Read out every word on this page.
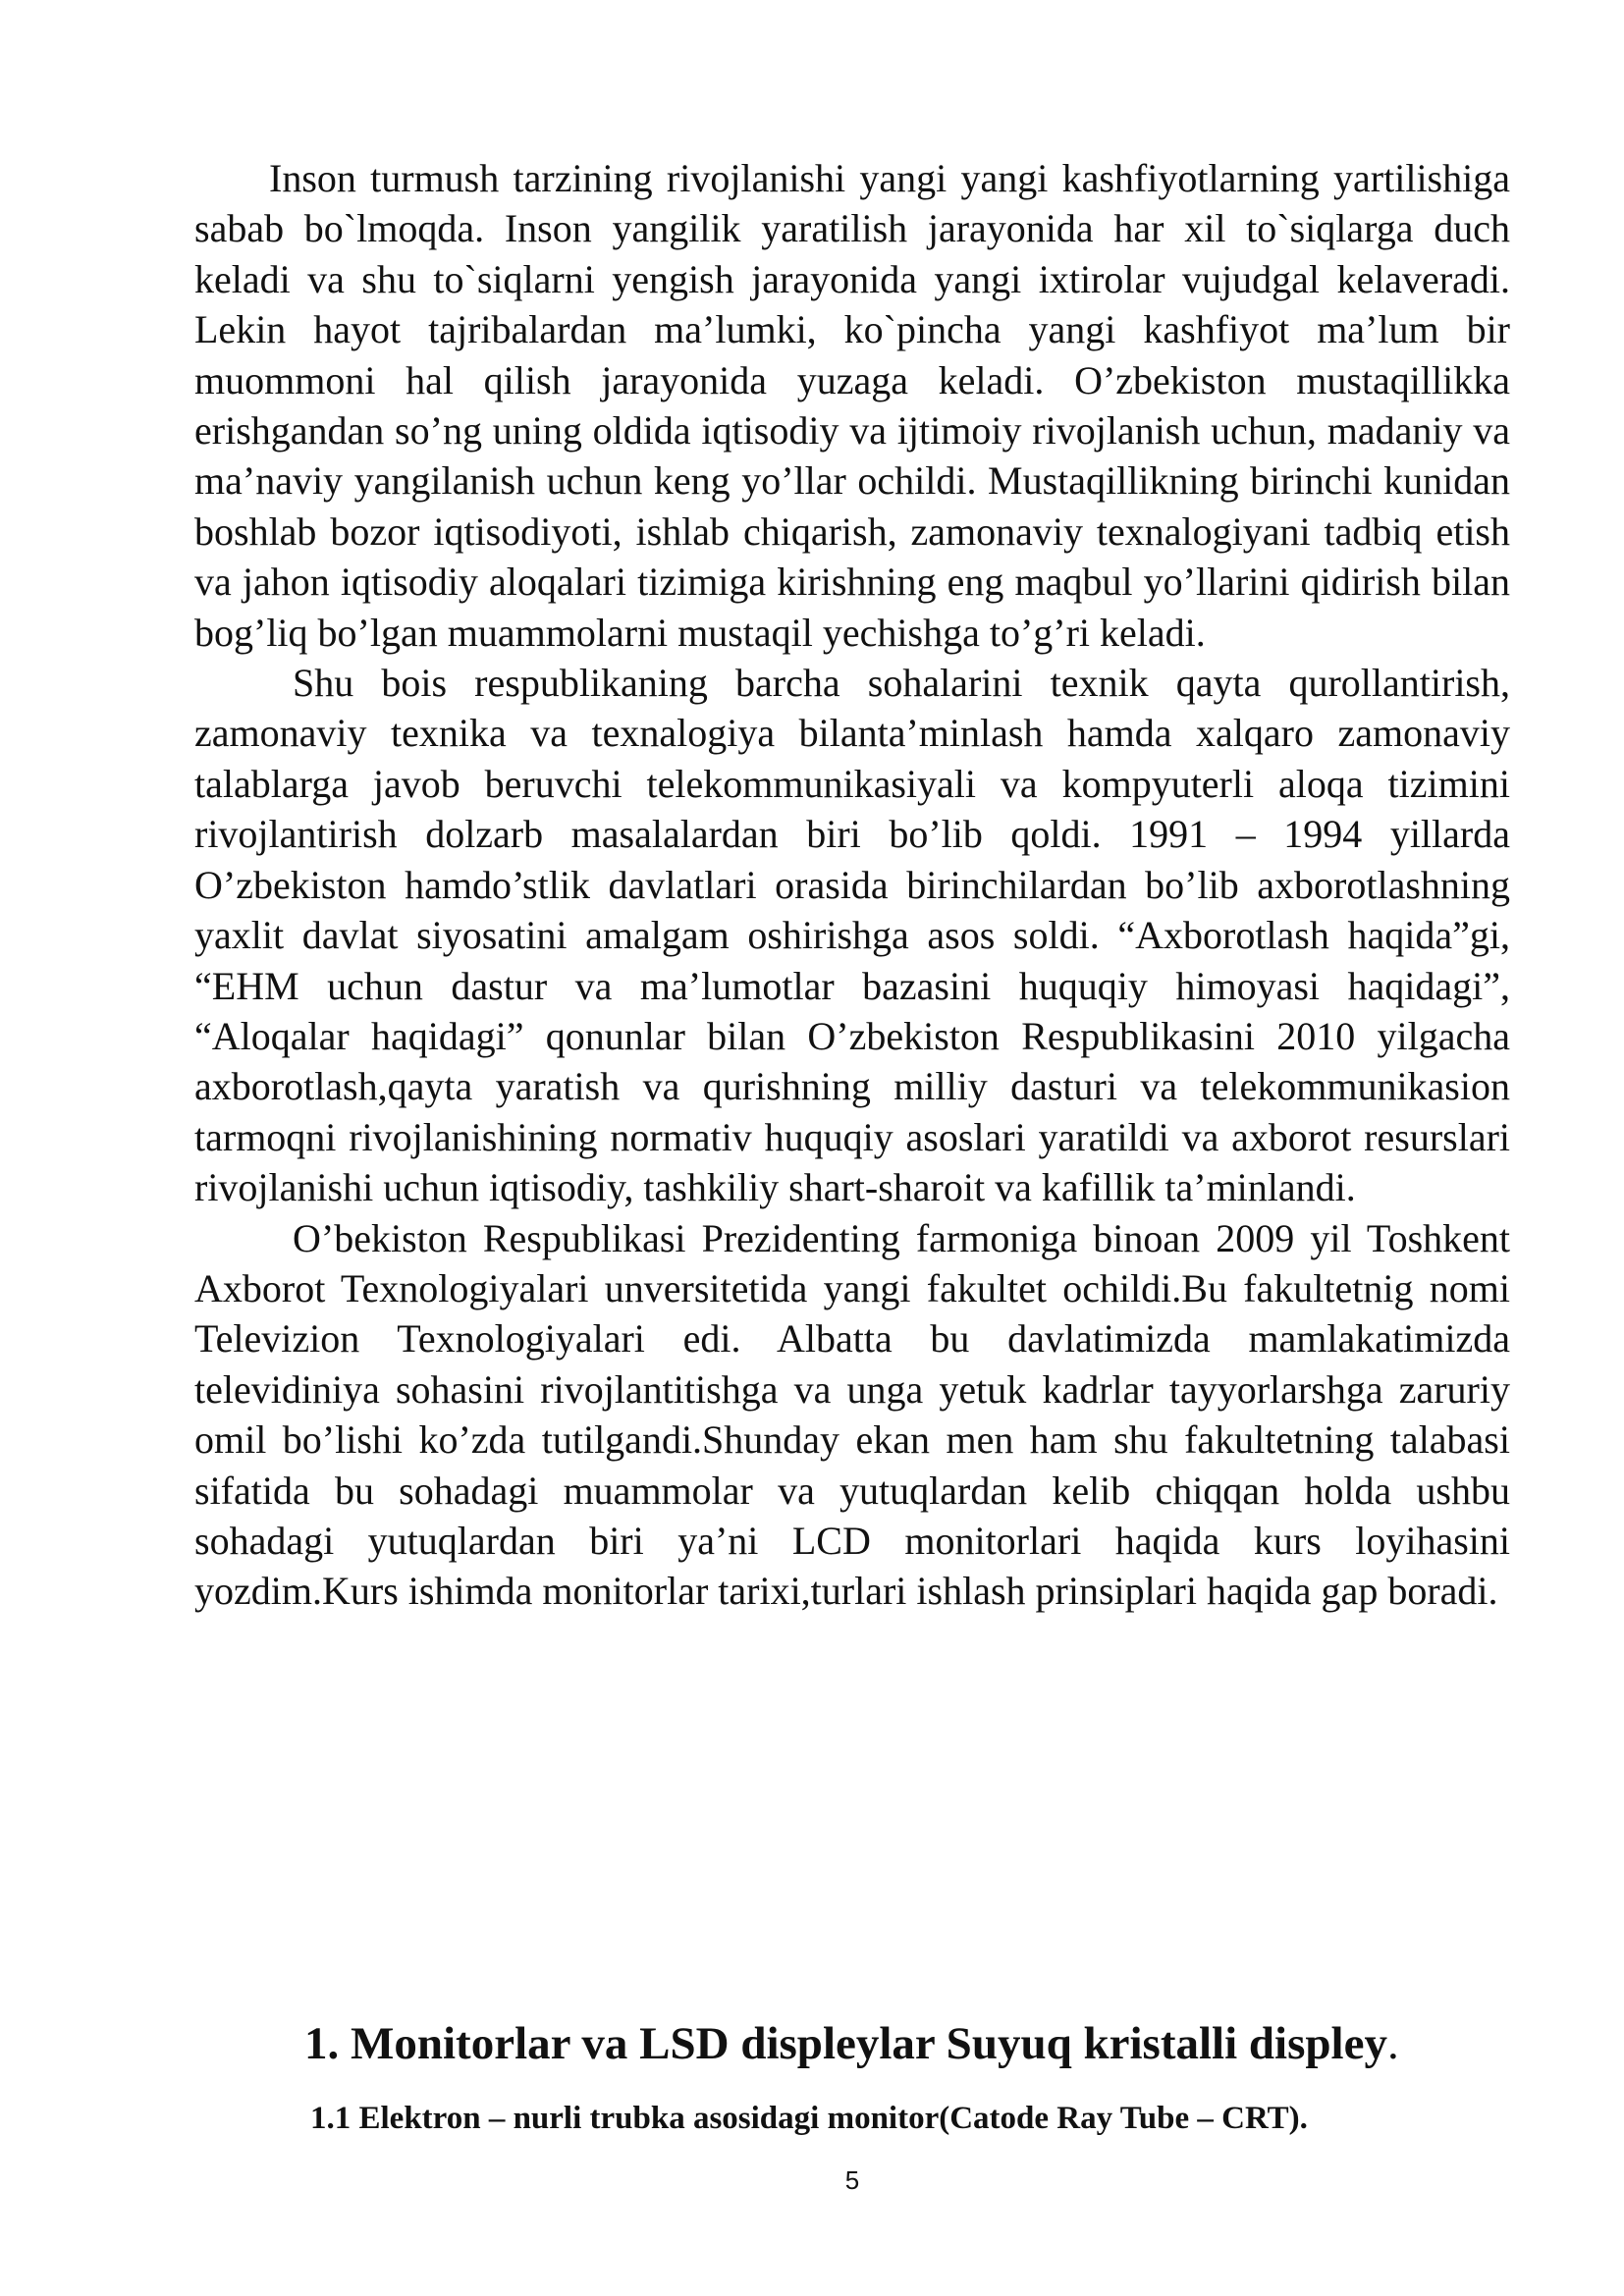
Inson turmush tarzining rivojlanishi yangi yangi kashfiyotlarning yartilishiga sabab bo`lmoqda. Inson yangilik yaratilish jarayonida har xil to`siqlarga duch keladi va shu to`siqlarni yengish jarayonida yangi ixtirolar vujudgal kelaveradi. Lekin hayot tajribalardan ma’lumki, ko`pincha yangi kashfiyot ma’lum bir muommoni hal qilish jarayonida yuzaga keladi. O’zbekiston mustaqillikka erishgandan so’ng uning oldida iqtisodiy va ijtimoiy rivojlanish uchun, madaniy va ma’naviy yangilanish uchun keng yo’llar ochildi. Mustaqillikning birinchi kunidan boshlab bozor iqtisodiyoti, ishlab chiqarish, zamonaviy texnalogiyani tadbiq etish va jahon iqtisodiy aloqalari tizimiga kirishning eng maqbul yo’llarini qidirish bilan bog’liq bo’lgan muammolarni mustaqil yechishga to’g’ri keladi.

Shu bois respublikaning barcha sohalarini texnik qayta qurollantirish, zamonaviy texnika va texnalogiya bilanta’minlash hamda xalqaro zamonaviy talablarga javob beruvchi telekommunikasiyali va kompyuterli aloqa tizimini rivojlantirish dolzarb masalalardan biri bo’lib qoldi. 1991 – 1994 yillarda O’zbekiston hamdo’stlik davlatlari orasida birinchilardan bo’lib axborotlashning yaxlit davlat siyosatini amalgam oshirishga asos soldi. “Axborotlash haqida”gi, “EHM uchun dastur va ma’lumotlar bazasini huquqiy himoyasi haqidagi”, “Aloqalar haqidagi” qonunlar bilan O’zbekiston Respublikasini 2010 yilgacha axborotlash,qayta yaratish va qurishning milliy dasturi va telekommunikasion tarmoqni rivojlanishining normativ huquqiy asoslari yaratildi va axborot resurslari rivojlanishi uchun iqtisodiy, tashkiliy shart-sharoit va kafillik ta’minlandi.

O’bekiston Respublikasi Prezidenting farmoniga binoan 2009 yil Toshkent Axborot Texnologiyalari unversitetida yangi fakultet ochildi.Bu fakultetnig nomi Televizion Texnologiyalari edi. Albatta bu davlatimizda mamlakatimizda televidiniya sohasini rivojlantitishga va unga yetuk kadrlar tayyorlarshga zaruriy omil bo’lishi ko’zda tutilgandi.Shunday ekan men ham shu fakultetning talabasi sifatida bu sohadagi muammolar va yutuqlardan kelib chiqqan holda ushbu sohadagi yutuqlardan biri ya’ni LCD monitorlari haqida kurs loyihasini yozdim.Kurs ishimda monitorlar tarixi,turlari ishlash prinsiplari haqida gap boradi.

1. Monitorlar va LSD displeylar Suyuq kristalli displey.
1.1 Elektron – nurli trubka asosidagi monitor(Catode Ray Tube – CRT).
5
